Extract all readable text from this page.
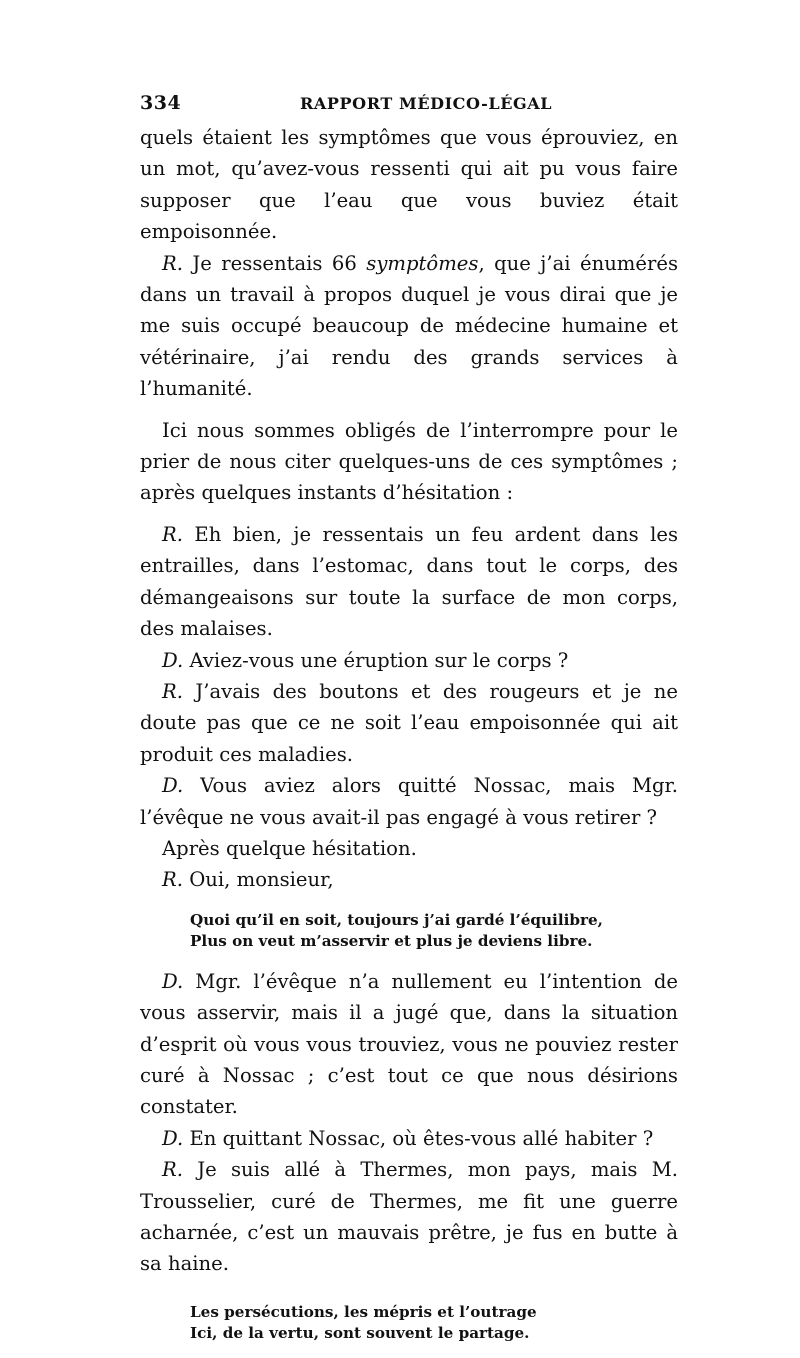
334	RAPPORT MÉDICO-LÉGAL

quels étaient les symptômes que vous éprouviez, en un mot, qu’avez-vous ressenti qui ait pu vous faire supposer que l’eau que vous buviez était empoisonnée.

R. Je ressentais 66 symptômes, que j’ai énumérés dans un travail à propos duquel je vous dirai que je me suis occupé beaucoup de médecine humaine et vétérinaire, j’ai rendu des grands services à l’humanité.

Ici nous sommes obligés de l’interrompre pour le prier de nous citer quelques-uns de ces symptômes ; après quelques instants d’hésitation :

R. Eh bien, je ressentais un feu ardent dans les entrailles, dans l’estomac, dans tout le corps, des démangeaisons sur toute la surface de mon corps, des malaises.

D. Aviez-vous une éruption sur le corps ?

R. J’avais des boutons et des rougeurs et je ne doute pas que ce ne soit l’eau empoisonnée qui ait produit ces maladies.

D. Vous aviez alors quitté Nossac, mais Mgr. l’évêque ne vous avait-il pas engagé à vous retirer ?

Après quelque hésitation.

R. Oui, monsieur,

Quoi qu’il en soit, toujours j’ai gardé l’équilibre,
Plus on veut m’asservir et plus je deviens libre.

D. Mgr. l’évêque n’a nullement eu l’intention de vous asservir, mais il a jugé que, dans la situation d’esprit où vous vous trouviez, vous ne pouviez rester curé à Nossac ; c’est tout ce que nous désirions constater.

D. En quittant Nossac, où êtes-vous allé habiter ?

R. Je suis allé à Thermes, mon pays, mais M. Trousselier, curé de Thermes, me fit une guerre acharnée, c’est un mauvais prêtre, je fus en butte à sa haine.

Les persécutions, les mépris et l’outrage
Ici, de la vertu, sont souvent le partage.
